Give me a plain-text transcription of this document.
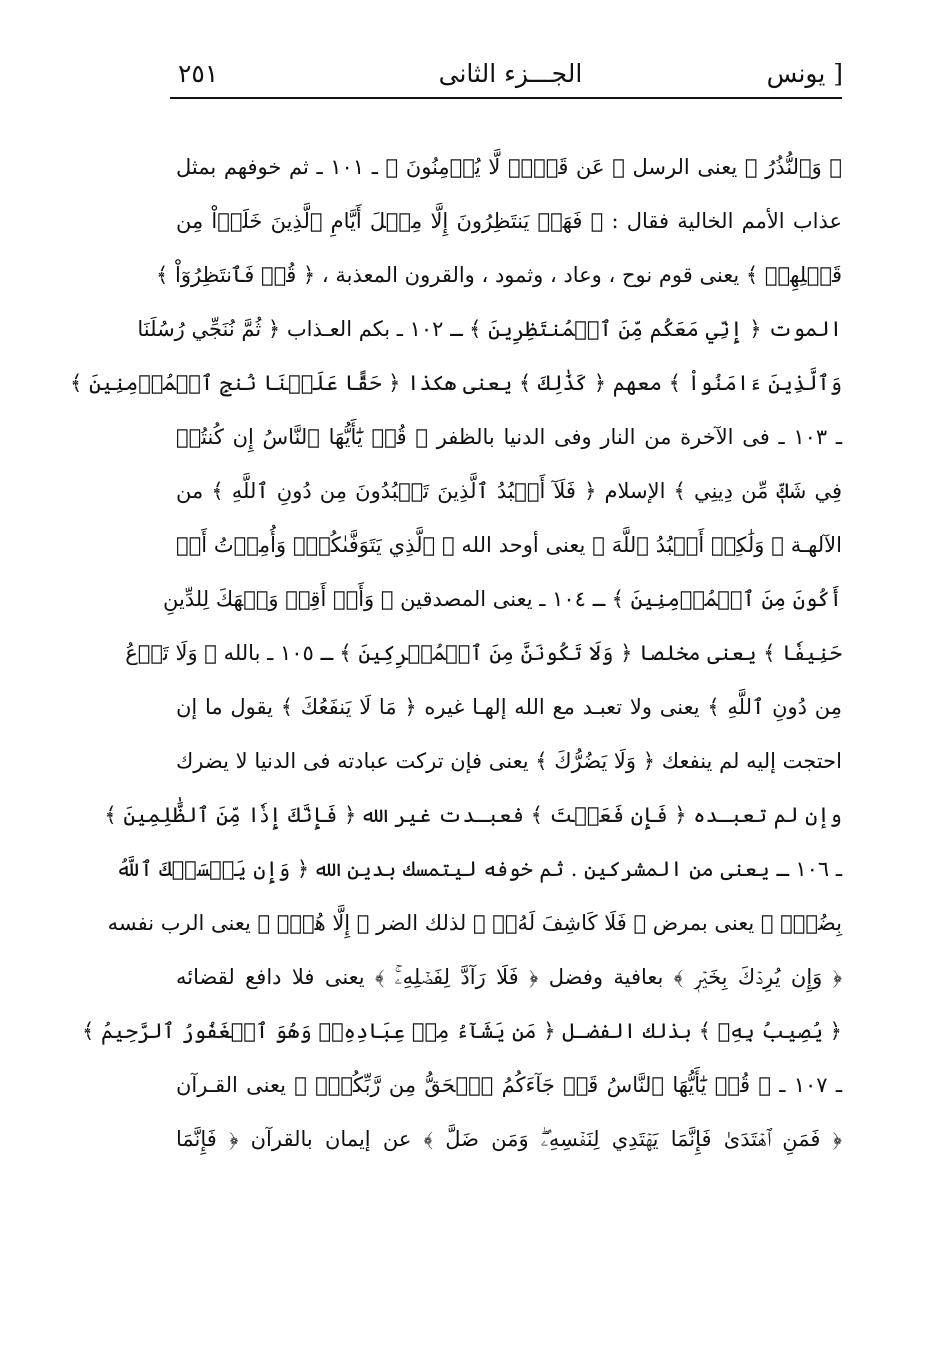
يونس ]
الجـــزء الثانى
٢٥١
﴿ وَٱلنُّذُرُ ﴾ يعنى الرسل ﴿ عَن قَوۡمٖ لَّا يُؤۡمِنُونَ ﴾ ـ ١٠١ ـ ثم خوفهم بمثل
عذاب الأمم الخالية فقال : ﴿ فَهَلۡ يَنتَظِرُونَ إِلَّا مِثۡلَ أَيَّامِ ٱلَّذِينَ خَلَوۡاْ مِن
قَبۡلِهِمۡ ﴾ يعنى قوم نوح ، وعاد ، وثمود ، والقرون المعذبة ، ﴿ قُلۡ فَٱنتَظِرُوٓاْ ﴾
الموت ﴿ إِنِّي مَعَكُم مِّنَ ٱلۡمُنتَظِرِينَ ﴾ ـ ١٠٢ ـ بكم العـذاب ﴿ ثُمَّ نُنَجِّي رُسُلَنَا
وَٱلَّذِينَ ءَامَنُواْ ﴾ معهم ﴿ كَذَٰلِكَ ﴾ يعنى هكذا ﴿ حَقًّا عَلَيۡنَا نُنجِ ٱلۡمُؤۡمِنِينَ ﴾
ـ ١٠٣ ـ فى الآخرة من النار وفى الدنيا بالظفر ﴿ قُلۡ يَٰٓأَيُّهَا ٱلنَّاسُ إِن كُنتُمۡ
فِي شَكّٖ مِّن دِينِي ﴾ الإسلام ﴿ فَلَآ أَعۡبُدُ ٱلَّذِينَ تَعۡبُدُونَ مِن دُونِ ٱللَّهِ ﴾ من
الآلهـة ﴿ وَلَٰكِنۡ أَعۡبُدُ ٱللَّهَ ﴾ يعنى أوحد الله ﴿ ٱلَّذِي يَتَوَفَّىٰكُمۡۖ وَأُمِرۡتُ أَنۡ
أَكُونَ مِنَ ٱلۡمُؤۡمِنِينَ ﴾ ـ ١٠٤ ـ يعنى المصدقين ﴿ وَأَنۡ أَقِمۡ وَجۡهَكَ لِلدِّينِ
حَنِيفٗا ﴾ يعنى مخلصا ﴿ وَلَا تَكُونَنَّ مِنَ ٱلۡمُشۡرِكِينَ ﴾ ـ ١٠٥ ـ بالله ﴿ وَلَا تَدۡعُ
مِن دُونِ ٱللَّهِ ﴾ يعنى ولا تعبـد مع الله إلهـا غيره ﴿ مَا لَا يَنفَعُكَ ﴾ يقول ما إن
احتجت إليه لم ينفعك ﴿ وَلَا يَضُرُّكَ ﴾ يعنى فإن تركت عبادته فى الدنيا لا يضرك
وإن لم تعبـده ﴿ فَإِن فَعَلۡتَ ﴾ فعبـدت غير الله ﴿ فَإِنَّكَ إِذٗا مِّنَ ٱلظَّٰلِمِينَ ﴾
ـ ١٠٦ ـ يعنى من المشركين . ثم خوفه ليتمسك بدين الله ﴿ وَإِن يَمۡسَسۡكَ ٱللَّهُ
بِضُرّٖ ﴾ يعنى بمرض ﴿ فَلَا كَاشِفَ لَهُۥٓ ﴾ لذلك الضر ﴿ إِلَّا هُوَۖ ﴾ يعنى الرب نفسه
﴿ وَإِن يُرِدۡكَ بِخَيۡرٖ ﴾ بعافية وفضل ﴿ فَلَا رَآدَّ لِفَضۡلِهِۦۚ ﴾ يعنى فلا دافع لقضائه
﴿ يُصِيبُ بِهِۦ ﴾ بذلك الفضـل ﴿ مَن يَشَآءُ مِنۡ عِبَادِهِۦۚ وَهُوَ ٱلۡغَفُورُ ٱلرَّحِيمُ ﴾
ـ ١٠٧ ـ ﴿ قُلۡ يَٰٓأَيُّهَا ٱلنَّاسُ قَدۡ جَآءَكُمُ ٱلۡحَقُّ مِن رَّبِّكُمۡۖ ﴾ يعنى القـرآن
﴿ فَمَنِ ٱهۡتَدَىٰ فَإِنَّمَا يَهۡتَدِي لِنَفۡسِهِۦۖ وَمَن ضَلَّ ﴾ عن إيمان بالقرآن ﴿ فَإِنَّمَا
